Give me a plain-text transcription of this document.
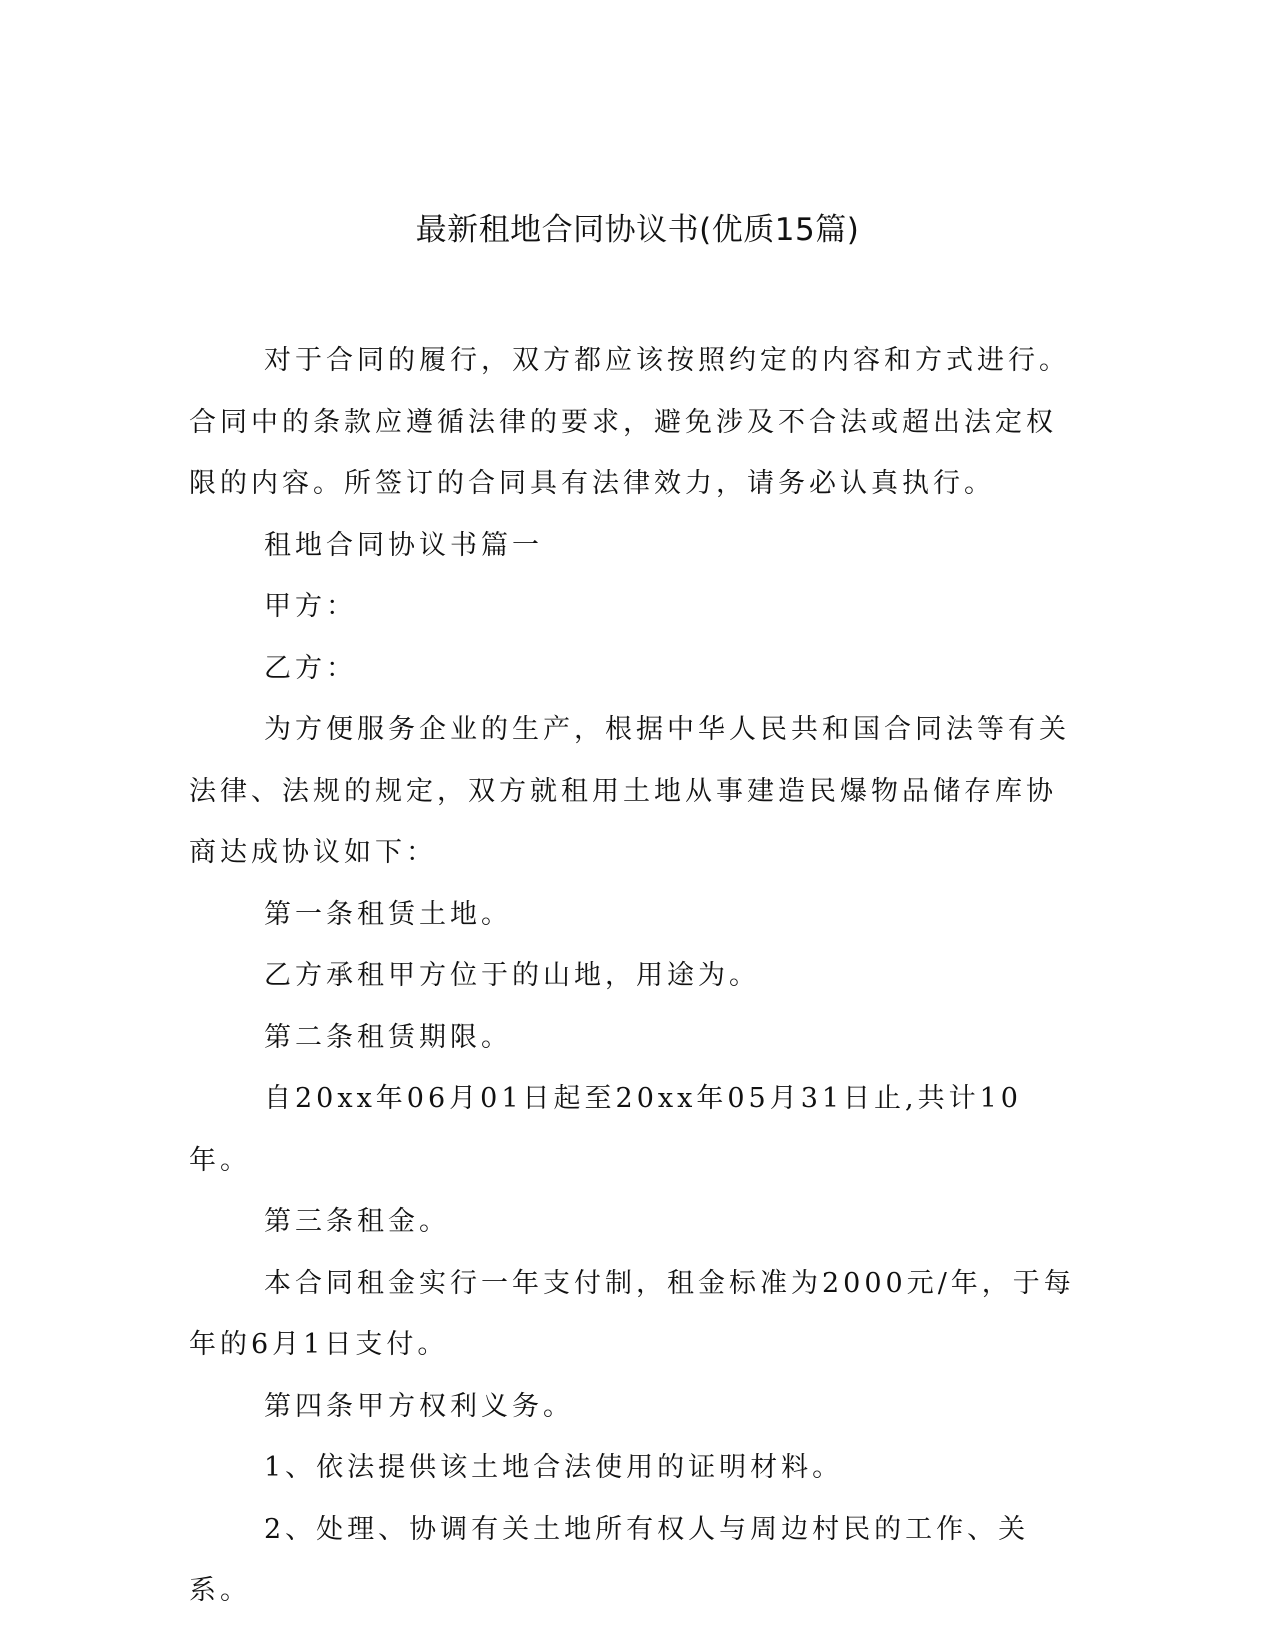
最新租地合同协议书(优质15篇)

对于合同的履行，双方都应该按照约定的内容和方式进行。合同中的条款应遵循法律的要求，避免涉及不合法或超出法定权限的内容。所签订的合同具有法律效力，请务必认真执行。

租地合同协议书篇一

甲方：

乙方：

为方便服务企业的生产，根据中华人民共和国合同法等有关法律、法规的规定，双方就租用土地从事建造民爆物品储存库协商达成协议如下：

第一条租赁土地。

乙方承租甲方位于的山地，用途为。

第二条租赁期限。

自20xx年06月01日起至20xx年05月31日止,共计10年。

第三条租金。

本合同租金实行一年支付制，租金标准为2000元/年，于每年的6月1日支付。

第四条甲方权利义务。

1、依法提供该土地合法使用的证明材料。

2、处理、协调有关土地所有权人与周边村民的工作、关系。
